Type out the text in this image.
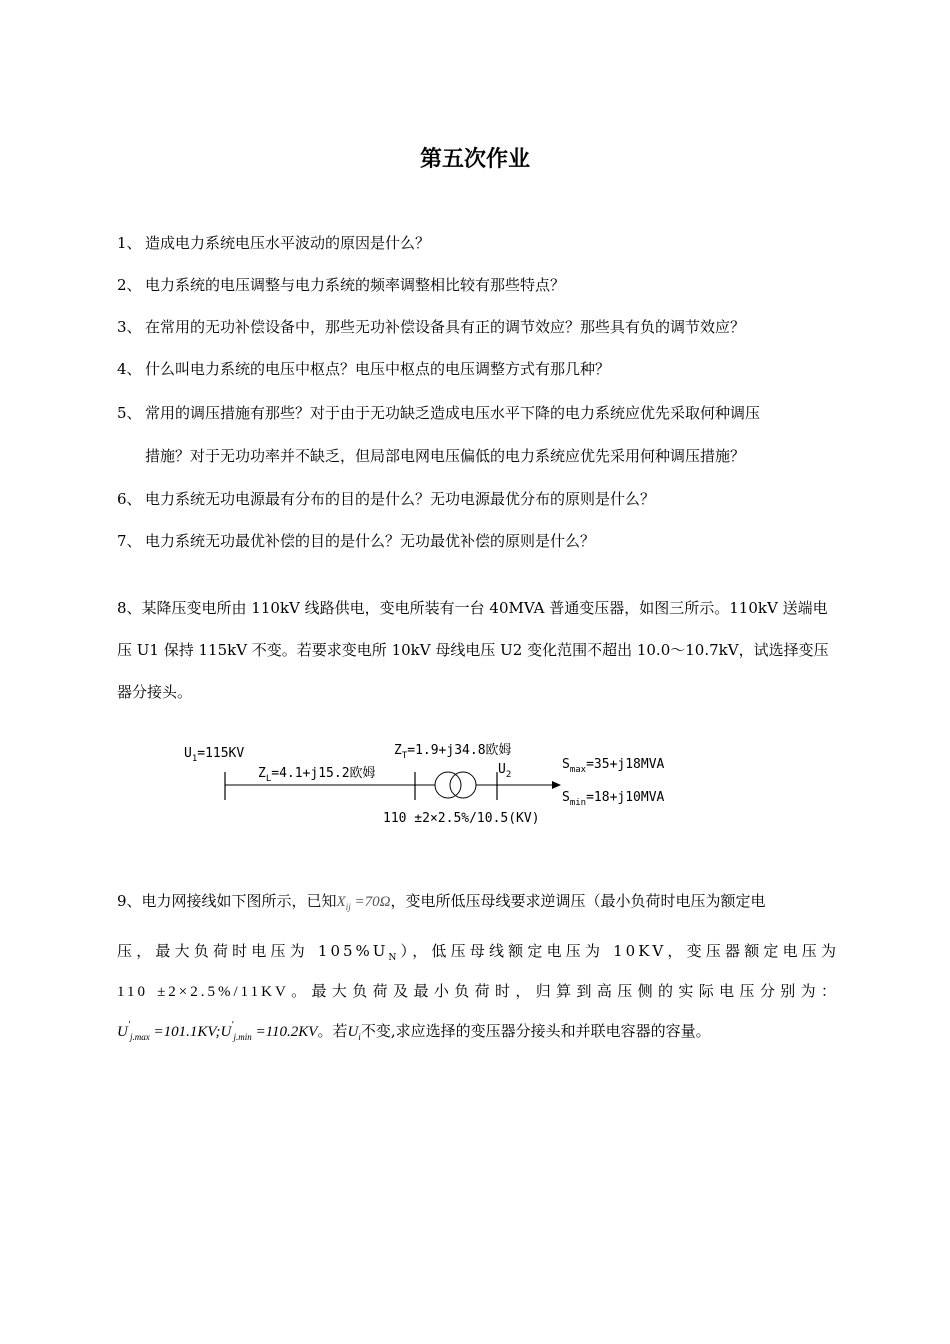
第五次作业
1、 造成电力系统电压水平波动的原因是什么？
2、 电力系统的电压调整与电力系统的频率调整相比较有那些特点？
3、 在常用的无功补偿设备中，那些无功补偿设备具有正的调节效应？那些具有负的调节效应？
4、 什么叫电力系统的电压中枢点？电压中枢点的电压调整方式有那几种？
5、 常用的调压措施有那些？对于由于无功缺乏造成电压水平下降的电力系统应优先采取何种调压
措施？对于无功功率并不缺乏，但局部电网电压偏低的电力系统应优先采用何种调压措施？
6、 电力系统无功电源最有分布的目的是什么？无功电源最优分布的原则是什么？
7、 电力系统无功最优补偿的目的是什么？无功最优补偿的原则是什么？
8、某降压变电所由 110kV 线路供电，变电所装有一台 40MVA 普通变压器，如图三所示。110kV 送端电
压 U1 保持 115kV 不变。若要求变电所 10kV 母线电压 U2 变化范围不超出 10.0～10.7kV，试选择变压
器分接头。
$U_1=115KV$
$Z_L=4.1+j15.2$欧姆
$Z_T=1.9+j34.8$欧姆
$U_2$
$S_{max}=35+j18MVA$
$S_{min}=18+j10MVA$
110 ±2×2.5%/10.5(KV)
9、电力网接线如下图所示，已知$X_{ij} =70\Omega$，变电所低压母线要求逆调压（最小负荷时电压为额定电
压，最大负荷时电压为 $105\%U_N$），低压母线额定电压为 10KV，变压器额定电压为
110 ±2×2.5%/11KV。最大负荷及最小负荷时，归算到高压侧的实际电压分别为：
$U'_{j.max}$ $=101.1KV;U'_{j.min} =110.2KV$。若$U_i$不变,求应选择的变压器分接头和并联电容器的容量。
